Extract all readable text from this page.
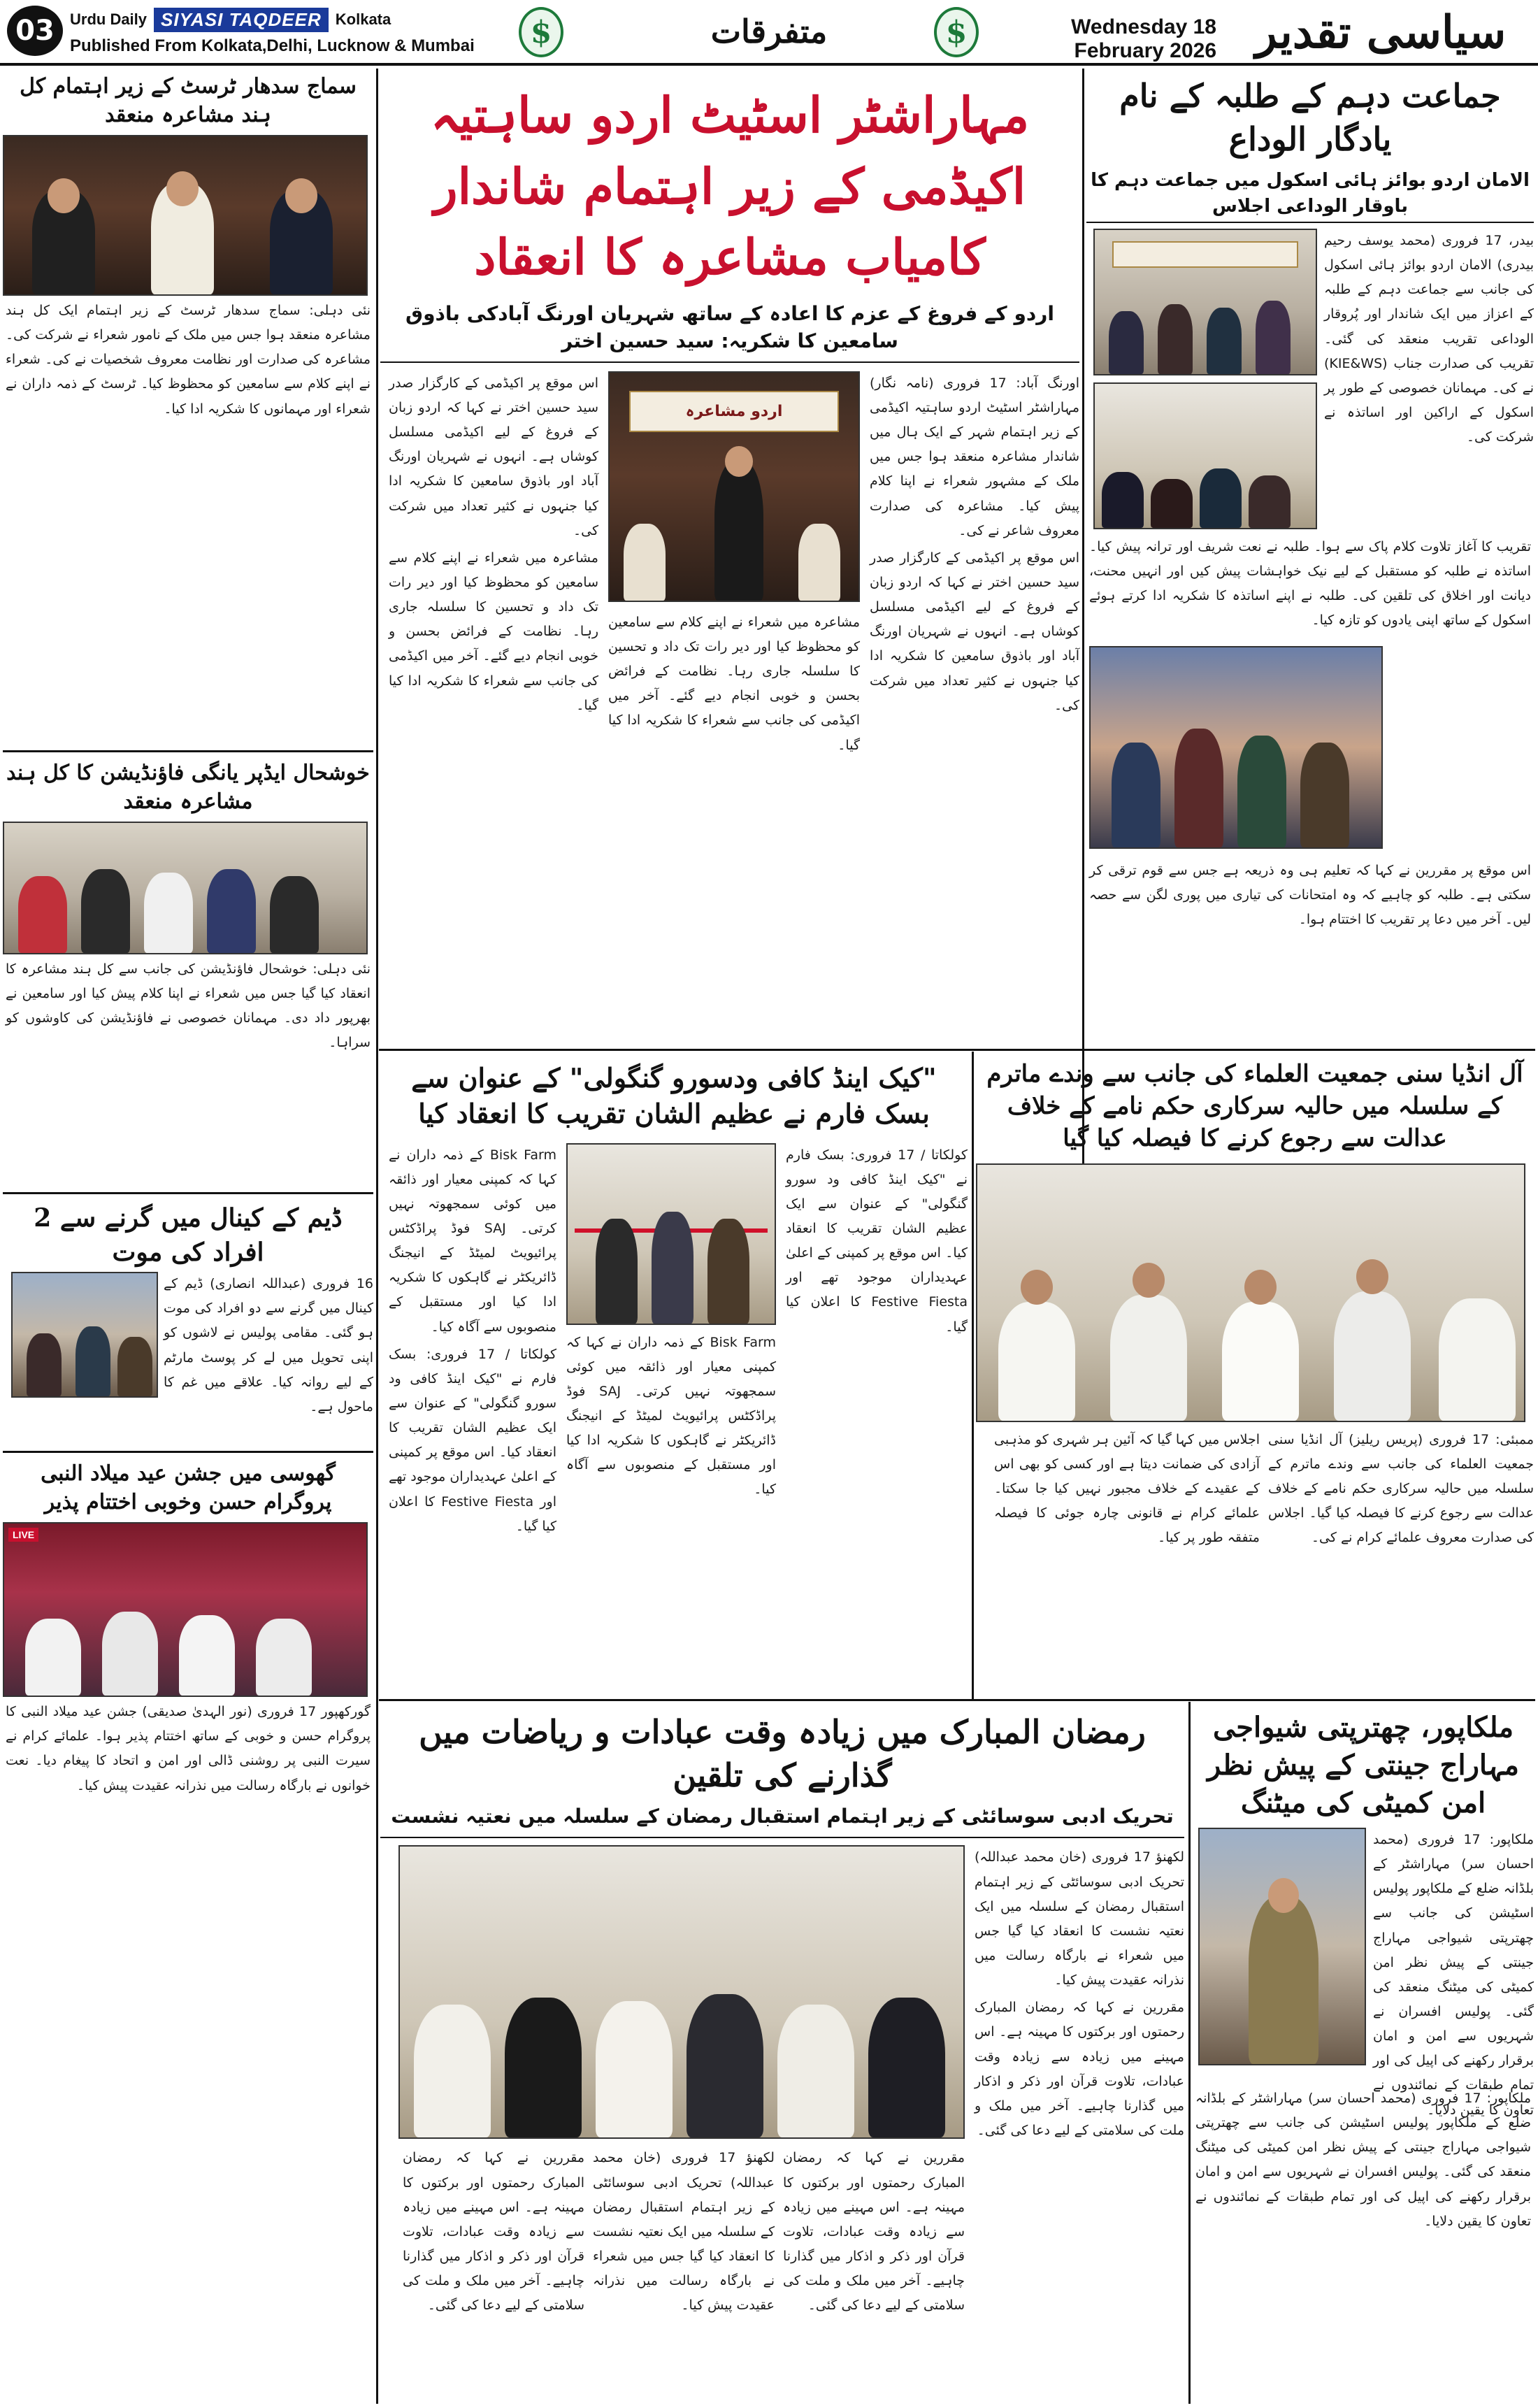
03	Urdu Daily SIYASI TAQDEER Kolkata
Published From Kolkata,Delhi, Lucknow & Mumbai	$	متفرقات	$	Wednesday 18 February 2026 سیاسی تقدیر
جماعت دہم کے طلبہ کے نام یادگار الوداع
الامان اردو بوائز ہائی اسکول میں جماعت دہم کا باوقار الوداعی اجلاس

بیدر، 17 فروری (محمد یوسف رحیم بیدری) الامان اردو بوائز ہائی اسکول کی جانب سے جماعت دہم کے طلبہ کے اعزاز میں ایک شاندار اور پُروقار الوداعی تقریب منعقد کی گئی۔ تقریب کی صدارت جناب (KIE&WS) نے کی۔ مہمانان خصوصی کے طور پر اسکول کے اراکین اور اساتذہ نے شرکت کی۔

تقریب کا آغاز تلاوت کلام پاک سے ہوا۔ طلبہ نے نعت شریف اور ترانہ پیش کیا۔ اساتذہ نے طلبہ کو مستقبل کے لیے نیک خواہشات پیش کیں اور انہیں محنت، دیانت اور اخلاق کی تلقین کی۔ طلبہ نے اپنے اساتذہ کا شکریہ ادا کرتے ہوئے اسکول کے ساتھ اپنی یادوں کو تازہ کیا۔

اس موقع پر مقررین نے کہا کہ تعلیم ہی وہ ذریعہ ہے جس سے قوم ترقی کر سکتی ہے۔ طلبہ کو چاہیے کہ وہ امتحانات کی تیاری میں پوری لگن سے حصہ لیں۔ آخر میں دعا پر تقریب کا اختتام ہوا۔

مہاراشٹر اسٹیٹ اردو ساہتیہ اکیڈمی کے زیر اہتمام شاندار کامیاب مشاعرہ کا انعقاد
اردو کے فروغ کے عزم کا اعادہ کے ساتھ شہریان اورنگ آبادکی باذوق سامعین کا شکریہ: سید حسین اختر

اورنگ آباد: 17 فروری (نامہ نگار) مہاراشٹر اسٹیٹ اردو ساہتیہ اکیڈمی کے زیر اہتمام شہر کے ایک ہال میں شاندار مشاعرہ منعقد ہوا جس میں ملک کے مشہور شعراء نے اپنا کلام پیش کیا۔ مشاعرہ کی صدارت معروف شاعر نے کی۔

اس موقع پر اکیڈمی کے کارگزار صدر سید حسین اختر نے کہا کہ اردو زبان کے فروغ کے لیے اکیڈمی مسلسل کوشاں ہے۔ انہوں نے شہریان اورنگ آباد اور باذوق سامعین کا شکریہ ادا کیا جنہوں نے کثیر تعداد میں شرکت کی۔

اردو مشاعرہ

مشاعرہ میں شعراء نے اپنے کلام سے سامعین کو محظوظ کیا اور دیر رات تک داد و تحسین کا سلسلہ جاری رہا۔ نظامت کے فرائض بحسن و خوبی انجام دیے گئے۔ آخر میں اکیڈمی کی جانب سے شعراء کا شکریہ ادا کیا گیا۔

اس موقع پر اکیڈمی کے کارگزار صدر سید حسین اختر نے کہا کہ اردو زبان کے فروغ کے لیے اکیڈمی مسلسل کوشاں ہے۔ انہوں نے شہریان اورنگ آباد اور باذوق سامعین کا شکریہ ادا کیا جنہوں نے کثیر تعداد میں شرکت کی۔

مشاعرہ میں شعراء نے اپنے کلام سے سامعین کو محظوظ کیا اور دیر رات تک داد و تحسین کا سلسلہ جاری رہا۔ نظامت کے فرائض بحسن و خوبی انجام دیے گئے۔ آخر میں اکیڈمی کی جانب سے شعراء کا شکریہ ادا کیا گیا۔

سماج سدھار ٹرسٹ کے زیر اہتمام کل ہند مشاعرہ منعقد
نئی دہلی: سماج سدھار ٹرسٹ کے زیر اہتمام ایک کل ہند مشاعرہ منعقد ہوا جس میں ملک کے نامور شعراء نے شرکت کی۔ مشاعرہ کی صدارت اور نظامت معروف شخصیات نے کی۔ شعراء نے اپنے کلام سے سامعین کو محظوظ کیا۔ ٹرسٹ کے ذمہ داران نے شعراء اور مہمانوں کا شکریہ ادا کیا۔
خوشحال ایڈپر یانگی فاؤنڈیشن کا کل ہند مشاعرہ منعقد
نئی دہلی: خوشحال فاؤنڈیشن کی جانب سے کل ہند مشاعرہ کا انعقاد کیا گیا جس میں شعراء نے اپنا کلام پیش کیا اور سامعین نے بھرپور داد دی۔ مہمانان خصوصی نے فاؤنڈیشن کی کاوشوں کو سراہا۔
ڈیم کے کینال میں گرنے سے 2 افراد کی موت
16 فروری (عبداللہ انصاری) ڈیم کے کینال میں گرنے سے دو افراد کی موت ہو گئی۔ مقامی پولیس نے لاشوں کو اپنی تحویل میں لے کر پوسٹ مارٹم کے لیے روانہ کیا۔ علاقے میں غم کا ماحول ہے۔
گھوسی میں جشن عید میلاد النبی پروگرام حسن وخوبی اختتام پذیر
LIVE
گورکھپور 17 فروری (نور الہدیٰ صدیقی) جشن عید میلاد النبی کا پروگرام حسن و خوبی کے ساتھ اختتام پذیر ہوا۔ علمائے کرام نے سیرت النبی پر روشنی ڈالی اور امن و اتحاد کا پیغام دیا۔ نعت خوانوں نے بارگاہ رسالت میں نذرانہ عقیدت پیش کیا۔
"کیک اینڈ کافی ودسورو گنگولی" کے عنوان سے بسک فارم نے عظیم الشان تقریب کا انعقاد کیا

کولکاتا / 17 فروری: بسک فارم نے "کیک اینڈ کافی ود سورو گنگولی" کے عنوان سے ایک عظیم الشان تقریب کا انعقاد کیا۔ اس موقع پر کمپنی کے اعلیٰ عہدیداران موجود تھے اور Festive Fiesta کا اعلان کیا گیا۔

Bisk Farm کے ذمہ داران نے کہا کہ کمپنی معیار اور ذائقہ میں کوئی سمجھوتہ نہیں کرتی۔ SAJ فوڈ پراڈکٹس پرائیویٹ لمیٹڈ کے انیجنگ ڈائریکٹر نے گاہکوں کا شکریہ ادا کیا اور مستقبل کے منصوبوں سے آگاہ کیا۔

Bisk Farm کے ذمہ داران نے کہا کہ کمپنی معیار اور ذائقہ میں کوئی سمجھوتہ نہیں کرتی۔ SAJ فوڈ پراڈکٹس پرائیویٹ لمیٹڈ کے انیجنگ ڈائریکٹر نے گاہکوں کا شکریہ ادا کیا اور مستقبل کے منصوبوں سے آگاہ کیا۔

کولکاتا / 17 فروری: بسک فارم نے "کیک اینڈ کافی ود سورو گنگولی" کے عنوان سے ایک عظیم الشان تقریب کا انعقاد کیا۔ اس موقع پر کمپنی کے اعلیٰ عہدیداران موجود تھے اور Festive Fiesta کا اعلان کیا گیا۔

آل انڈیا سنی جمعیت العلماء کی جانب سے وندے ماترم کے سلسلہ میں حالیہ سرکاری حکم نامے کے خلاف عدالت سے رجوع کرنے کا فیصلہ کیا گیا

ممبئی: 17 فروری (پریس ریلیز) آل انڈیا سنی جمعیت العلماء کی جانب سے وندے ماترم کے سلسلہ میں حالیہ سرکاری حکم نامے کے خلاف عدالت سے رجوع کرنے کا فیصلہ کیا گیا۔ اجلاس کی صدارت معروف علمائے کرام نے کی۔

اجلاس میں کہا گیا کہ آئین ہر شہری کو مذہبی آزادی کی ضمانت دیتا ہے اور کسی کو بھی اس کے عقیدے کے خلاف مجبور نہیں کیا جا سکتا۔ علمائے کرام نے قانونی چارہ جوئی کا فیصلہ متفقہ طور پر کیا۔

رمضان المبارک میں زیادہ وقت عبادات و ریاضات میں گذارنے کی تلقین
تحریک ادبی سوسائٹی کے زیر اہتمام استقبال رمضان کے سلسلہ میں نعتیہ نشست

لکھنؤ 17 فروری (خان محمد عبداللہ) تحریک ادبی سوسائٹی کے زیر اہتمام استقبال رمضان کے سلسلہ میں ایک نعتیہ نشست کا انعقاد کیا گیا جس میں شعراء نے بارگاہ رسالت میں نذرانہ عقیدت پیش کیا۔

مقررین نے کہا کہ رمضان المبارک رحمتوں اور برکتوں کا مہینہ ہے۔ اس مہینے میں زیادہ سے زیادہ وقت عبادات، تلاوت قرآن اور ذکر و اذکار میں گذارنا چاہیے۔ آخر میں ملک و ملت کی سلامتی کے لیے دعا کی گئی۔

مقررین نے کہا کہ رمضان المبارک رحمتوں اور برکتوں کا مہینہ ہے۔ اس مہینے میں زیادہ سے زیادہ وقت عبادات، تلاوت قرآن اور ذکر و اذکار میں گذارنا چاہیے۔ آخر میں ملک و ملت کی سلامتی کے لیے دعا کی گئی۔
لکھنؤ 17 فروری (خان محمد عبداللہ) تحریک ادبی سوسائٹی کے زیر اہتمام استقبال رمضان کے سلسلہ میں ایک نعتیہ نشست کا انعقاد کیا گیا جس میں شعراء نے بارگاہ رسالت میں نذرانہ عقیدت پیش کیا۔
مقررین نے کہا کہ رمضان المبارک رحمتوں اور برکتوں کا مہینہ ہے۔ اس مہینے میں زیادہ سے زیادہ وقت عبادات، تلاوت قرآن اور ذکر و اذکار میں گذارنا چاہیے۔ آخر میں ملک و ملت کی سلامتی کے لیے دعا کی گئی۔
ملکاپور، چھترپتی شیواجی مہاراج جینتی کے پیش نظر امن کمیٹی کی میٹنگ
ملکاپور: 17 فروری (محمد احسان سر) مہاراشٹر کے بلڈانہ ضلع کے ملکاپور پولیس اسٹیشن کی جانب سے چھترپتی شیواجی مہاراج جینتی کے پیش نظر امن کمیٹی کی میٹنگ منعقد کی گئی۔ پولیس افسران نے شہریوں سے امن و امان برقرار رکھنے کی اپیل کی اور تمام طبقات کے نمائندوں نے تعاون کا یقین دلایا۔
ملکاپور: 17 فروری (محمد احسان سر) مہاراشٹر کے بلڈانہ ضلع کے ملکاپور پولیس اسٹیشن کی جانب سے چھترپتی شیواجی مہاراج جینتی کے پیش نظر امن کمیٹی کی میٹنگ منعقد کی گئی۔ پولیس افسران نے شہریوں سے امن و امان برقرار رکھنے کی اپیل کی اور تمام طبقات کے نمائندوں نے تعاون کا یقین دلایا۔
